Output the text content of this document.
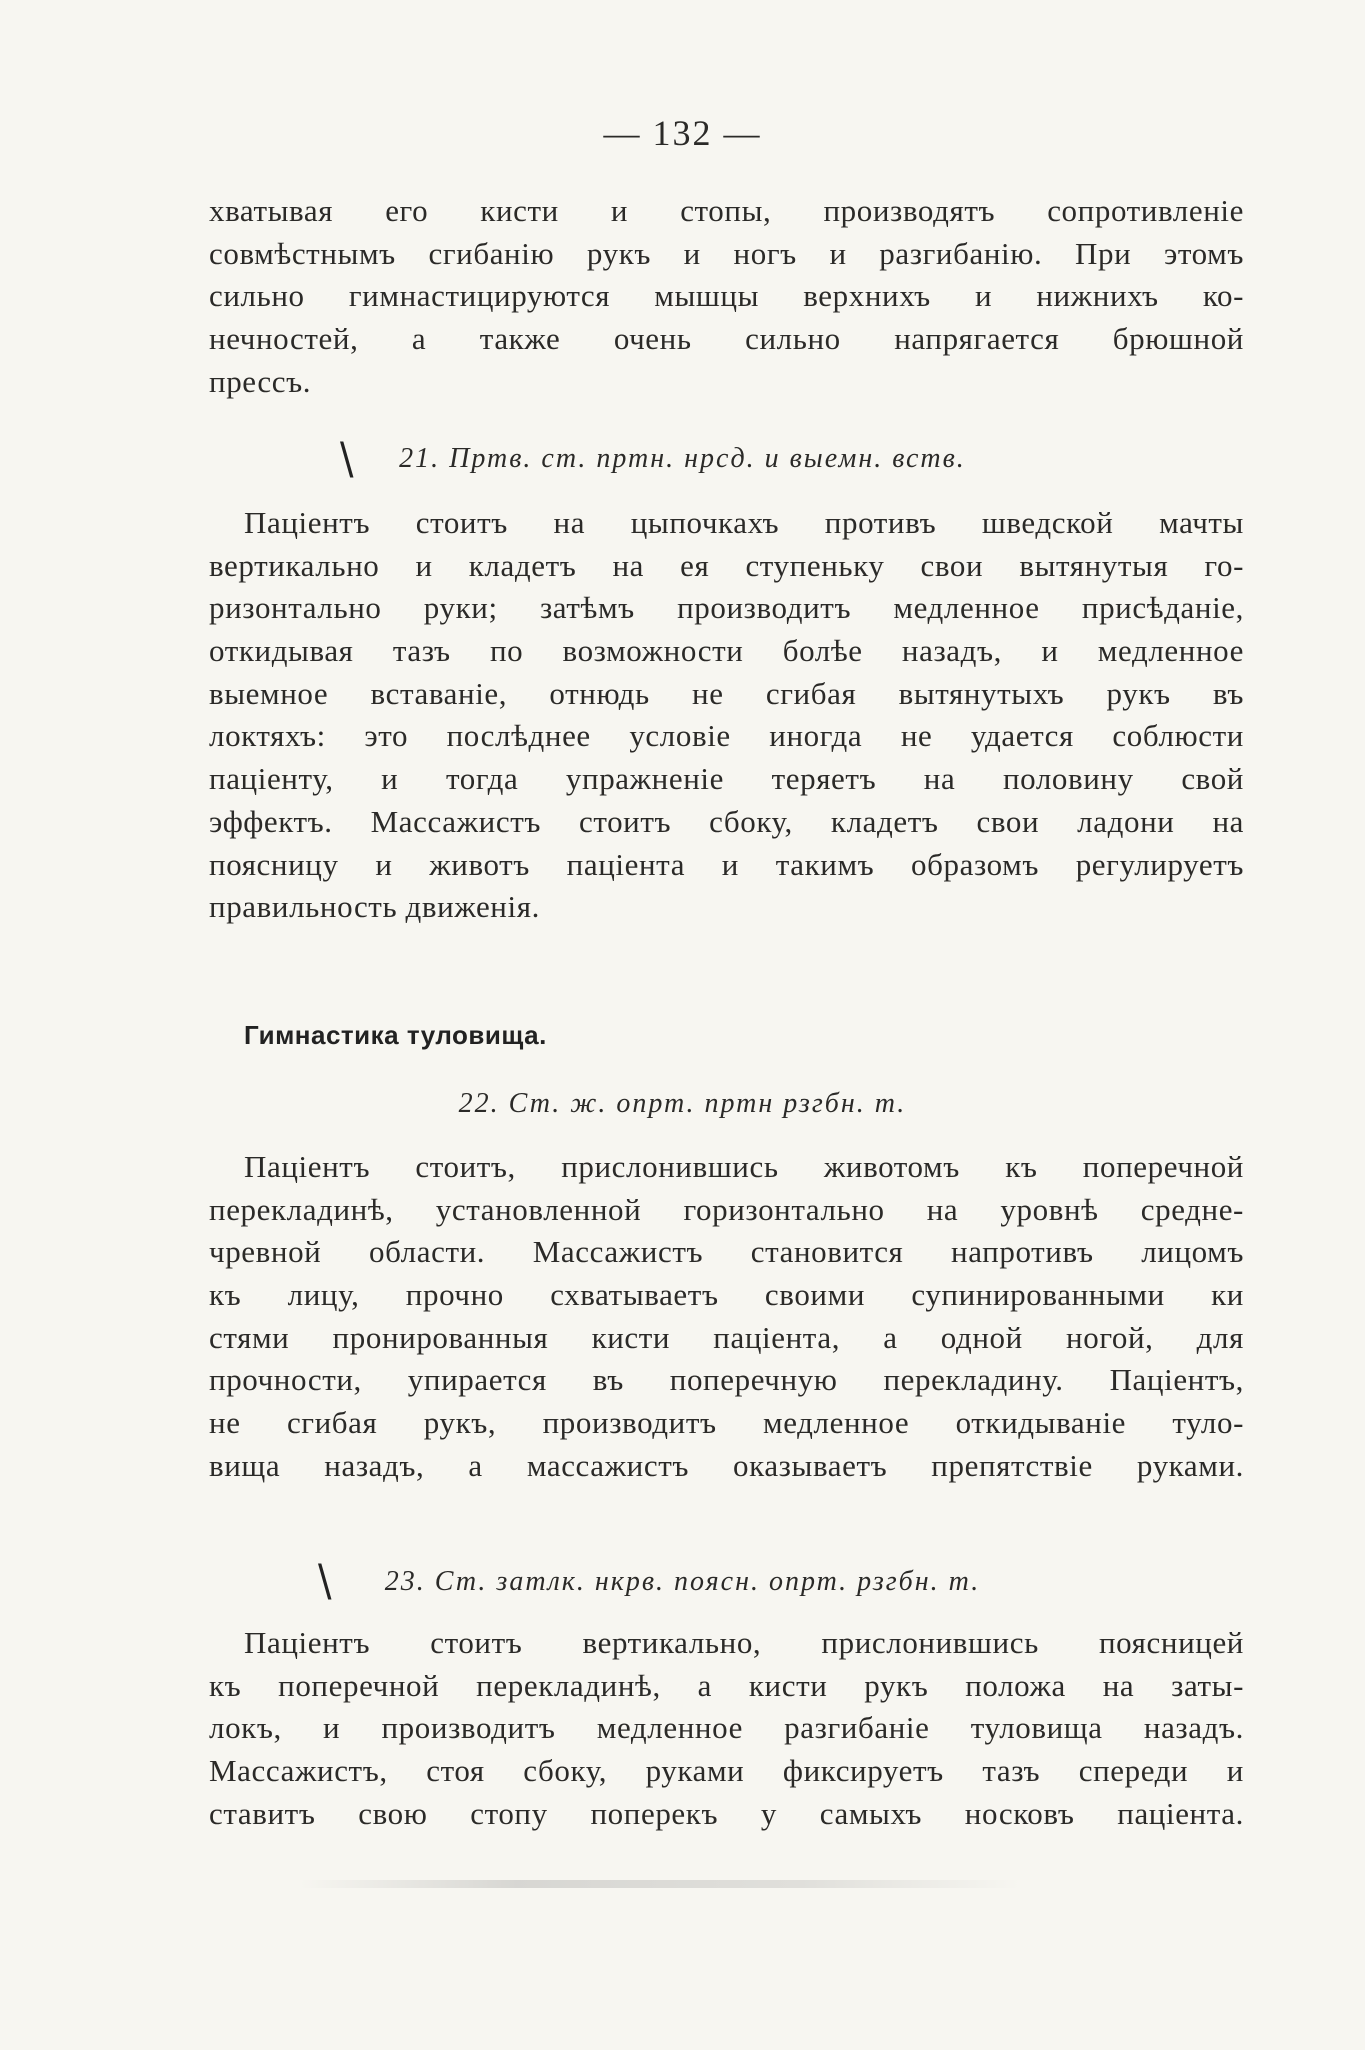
— 132 —
хватывая его кисти и стопы, производятъ сопротивленіе
совмѣстнымъ сгибанію рукъ и ногъ и разгибанію. При этомъ
сильно гимнастицируются мышцы верхнихъ и нижнихъ ко-
нечностей, а также очень сильно напрягается брюшной
прессъ.
\	21. Пртв. ст. пртн. нрсд. и выемн. вств.
Паціентъ стоитъ на цыпочкахъ противъ шведской мачты
вертикально и кладетъ на ея ступеньку свои вытянутыя го-
ризонтально руки; затѣмъ производитъ медленное присѣданіе,
откидывая тазъ по возможности болѣе назадъ, и медленное
выемное вставаніе, отнюдь не сгибая вытянутыхъ рукъ въ
локтяхъ: это послѣднее условіе иногда не удается соблюсти
паціенту, и тогда упражненіе теряетъ на половину свой
эффектъ. Массажистъ стоитъ сбоку, кладетъ свои ладони на
поясницу и животъ паціента и такимъ образомъ регулируетъ
правильность движенія.
Гимнастика туловища.
22. Ст. ж. опрт. пртн рзгбн. т.
Паціентъ стоитъ, прислонившись животомъ къ поперечной
перекладинѣ, установленной горизонтально на уровнѣ средне-
чревной области. Массажистъ становится напротивъ лицомъ
къ лицу, прочно схватываетъ своими супинированными ки
стями пронированныя кисти паціента, а одной ногой, для
прочности, упирается въ поперечную перекладину. Паціентъ,
не сгибая рукъ, производитъ медленное откидываніе туло-
вища назадъ, а массажистъ оказываетъ препятствіе руками.
\	23. Ст. затлк. нкрв. поясн. опрт. рзгбн. т.
Паціентъ стоитъ вертикально, прислонившись поясницей
къ поперечной перекладинѣ, а кисти рукъ положа на заты-
локъ, и производитъ медленное разгибаніе туловища назадъ.
Массажистъ, стоя сбоку, руками фиксируетъ тазъ спереди и
ставитъ свою стопу поперекъ у самыхъ носковъ паціента.
